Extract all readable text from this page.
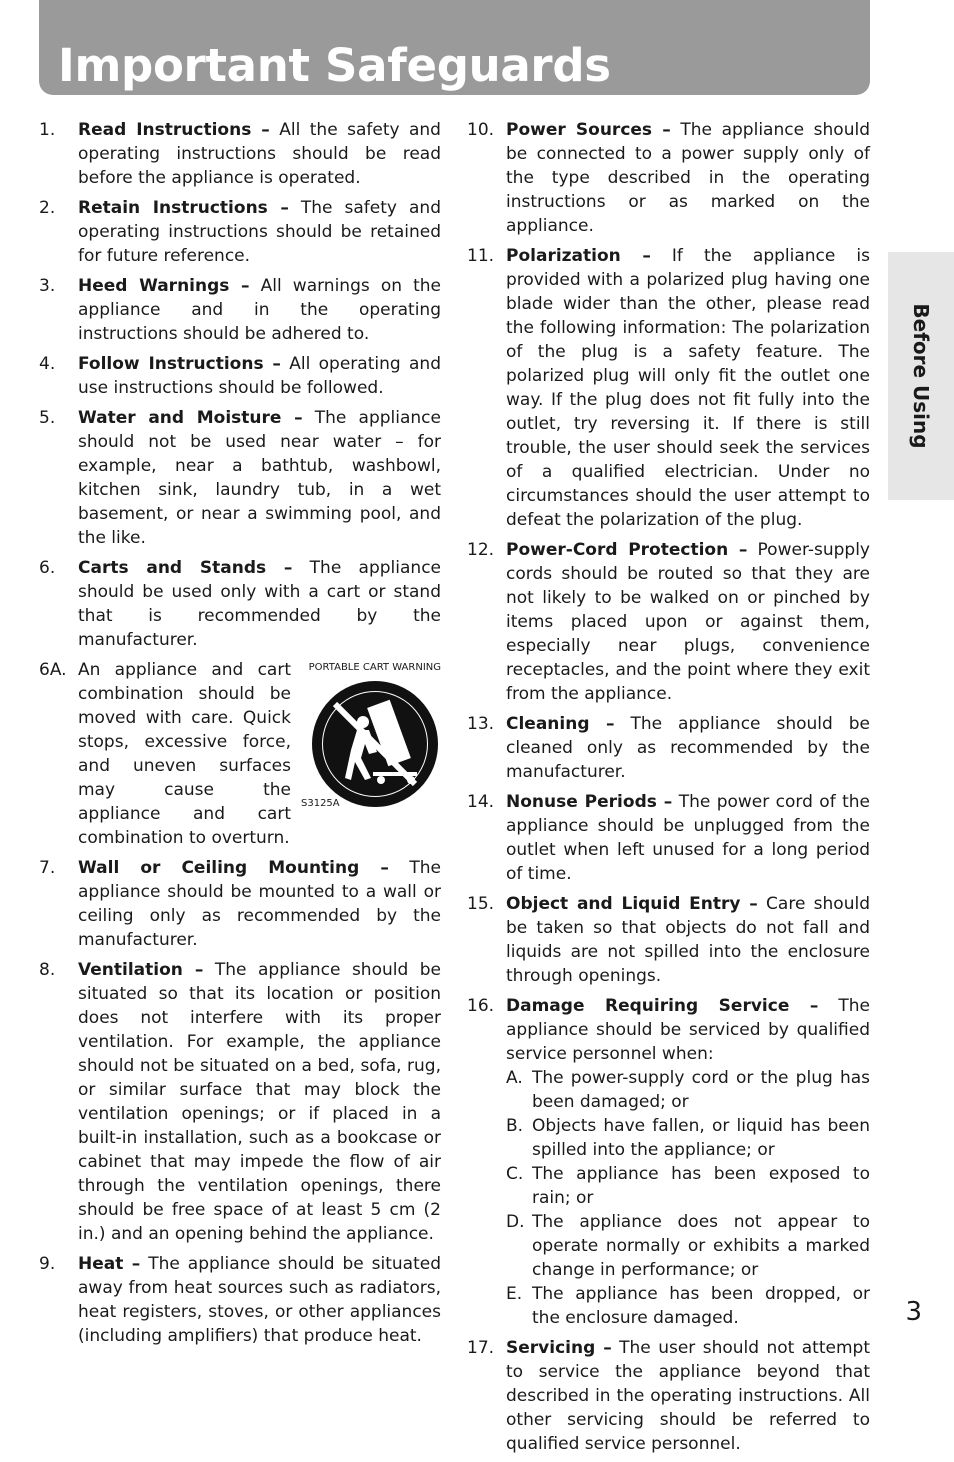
Important Safeguards
1. Read Instructions – All the safety and operating instructions should be read before the appliance is operated.
2. Retain Instructions – The safety and operating instructions should be retained for future reference.
3. Heed Warnings – All warnings on the appliance and in the operating instructions should be adhered to.
4. Follow Instructions – All operating and use instructions should be followed.
5. Water and Moisture – The appliance should not be used near water – for example, near a bathtub, washbowl, kitchen sink, laundry tub, in a wet basement, or near a swimming pool, and the like.
6. Carts and Stands – The appliance should be used only with a cart or stand that is recommended by the manufacturer.
6A.	PORTABLE CART WARNING
S3125A
An appliance and cart combination should be moved with care. Quick stops, excessive force, and uneven surfaces may cause the appliance and cart combination to overturn.
7. Wall or Ceiling Mounting – The appliance should be mounted to a wall or ceiling only as recommended by the manufacturer.
8. Ventilation – The appliance should be situated so that its location or position does not interfere with its proper ventilation. For example, the appliance should not be situated on a bed, sofa, rug, or similar surface that may block the ventilation openings; or if placed in a built-in installation, such as a bookcase or cabinet that may impede the flow of air through the ventilation openings, there should be free space of at least 5 cm (2 in.) and an opening behind the appliance.
9. Heat – The appliance should be situated away from heat sources such as radiators, heat registers, stoves, or other appliances (including amplifiers) that produce heat.
10. Power Sources – The appliance should be connected to a power supply only of the type described in the operating instructions or as marked on the appliance.
11. Polarization – If the appliance is provided with a polarized plug having one blade wider than the other, please read the following information: The polarization of the plug is a safety feature. The polarized plug will only fit the outlet one way. If the plug does not fit fully into the outlet, try reversing it. If there is still trouble, the user should seek the services of a qualified electrician. Under no circumstances should the user attempt to defeat the polarization of the plug.
12. Power-Cord Protection – Power-supply cords should be routed so that they are not likely to be walked on or pinched by items placed upon or against them, especially near plugs, convenience receptacles, and the point where they exit from the appliance.
13. Cleaning – The appliance should be cleaned only as recommended by the manufacturer.
14. Nonuse Periods – The power cord of the appliance should be unplugged from the outlet when left unused for a long period of time.
15. Object and Liquid Entry – Care should be taken so that objects do not fall and liquids are not spilled into the enclosure through openings.
16. Damage Requiring Service – The appliance should be serviced by qualified service personnel when:
A. The power-supply cord or the plug has been damaged; or
B. Objects have fallen, or liquid has been spilled into the appliance; or
C. The appliance has been exposed to rain; or
D. The appliance does not appear to operate normally or exhibits a marked change in performance; or
E. The appliance has been dropped, or the enclosure damaged.
17. Servicing – The user should not attempt to service the appliance beyond that described in the operating instructions. All other servicing should be referred to qualified service personnel.
Before Using
3
